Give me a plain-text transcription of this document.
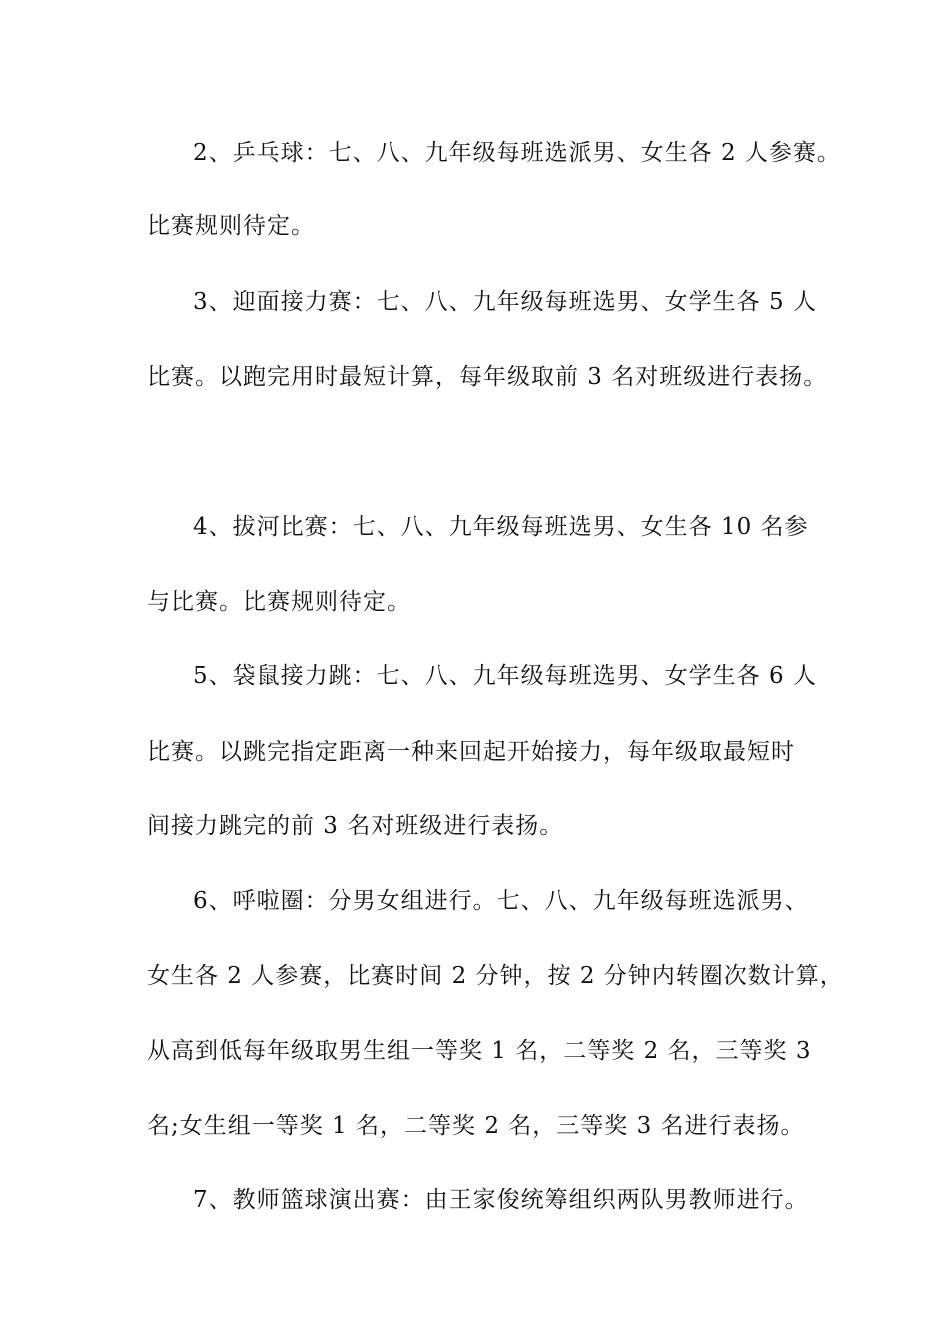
2、乒乓球：七、八、九年级每班选派男、女生各 2 人参赛。
比赛规则待定。
3、迎面接力赛：七、八、九年级每班选男、女学生各 5 人
比赛。以跑完用时最短计算，每年级取前 3 名对班级进行表扬。
4、拔河比赛：七、八、九年级每班选男、女生各 10 名参
与比赛。比赛规则待定。
5、袋鼠接力跳：七、八、九年级每班选男、女学生各 6 人
比赛。以跳完指定距离一种来回起开始接力，每年级取最短时
间接力跳完的前 3 名对班级进行表扬。
6、呼啦圈：分男女组进行。七、八、九年级每班选派男、
女生各 2 人参赛，比赛时间 2 分钟，按 2 分钟内转圈次数计算，
从高到低每年级取男生组一等奖 1 名，二等奖 2 名，三等奖 3
名;女生组一等奖 1 名，二等奖 2 名，三等奖 3 名进行表扬。
7、教师篮球演出赛：由王家俊统筹组织两队男教师进行。
